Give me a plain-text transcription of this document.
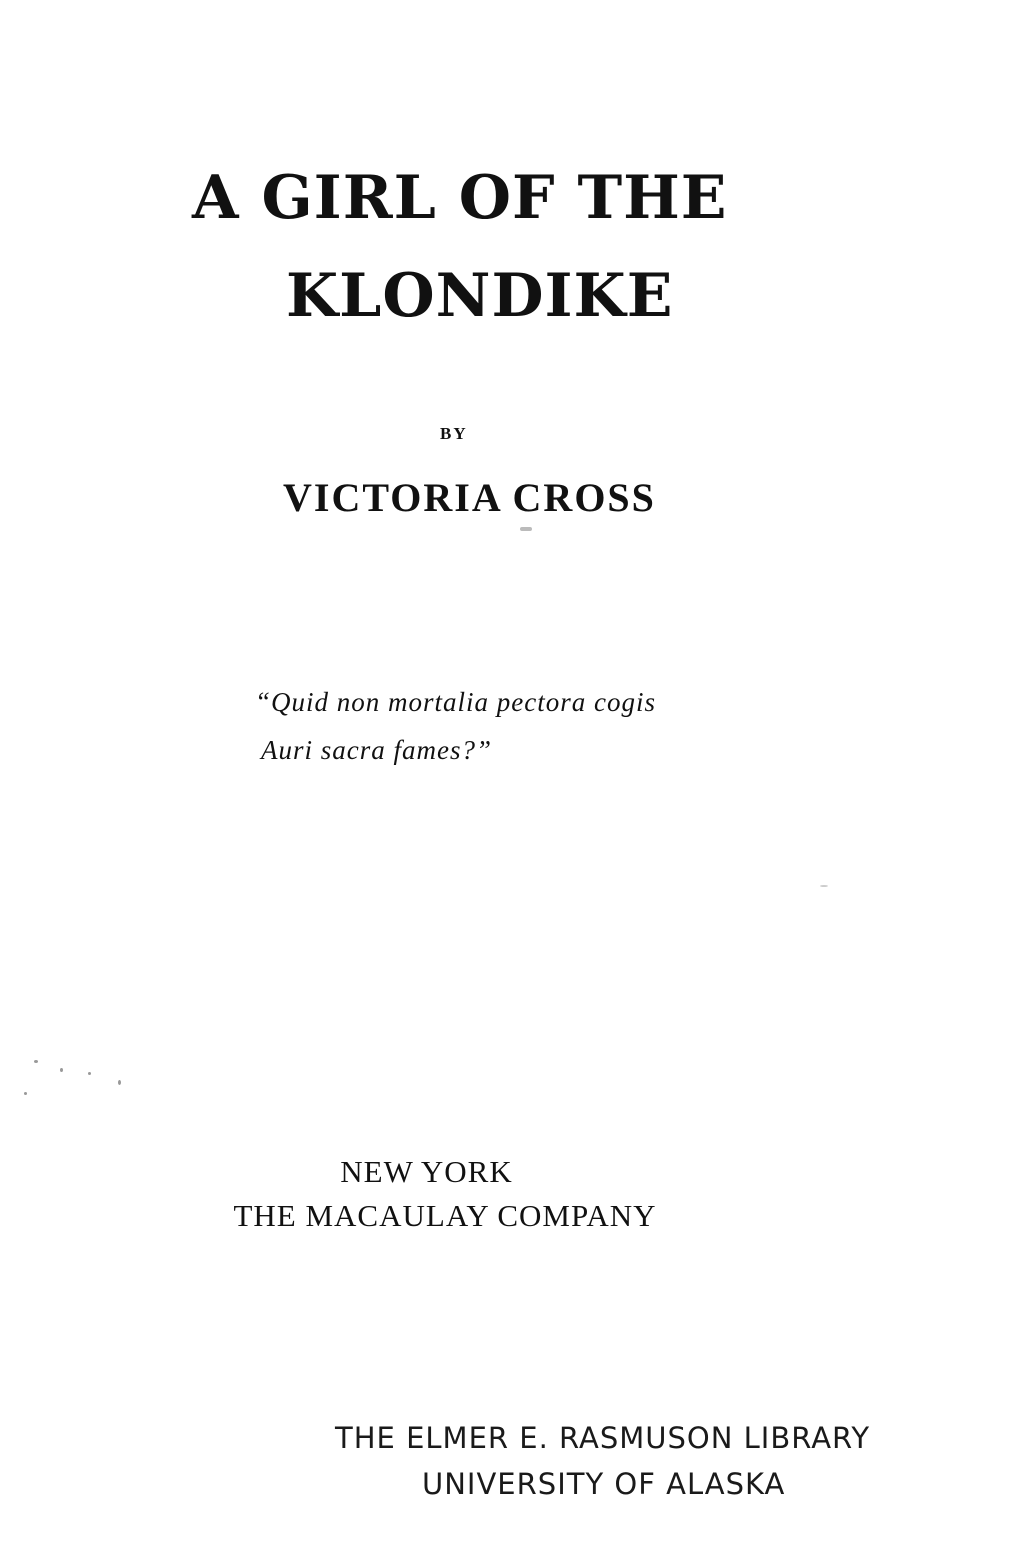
A GIRL OF THE
KLONDIKE
BY
VICTORIA CROSS
“Quid non mortalia pectora cogis
Auri sacra fames?”
NEW YORK
THE MACAULAY COMPANY
THE ELMER E. RASMUSON LIBRARY
UNIVERSITY OF ALASKA
